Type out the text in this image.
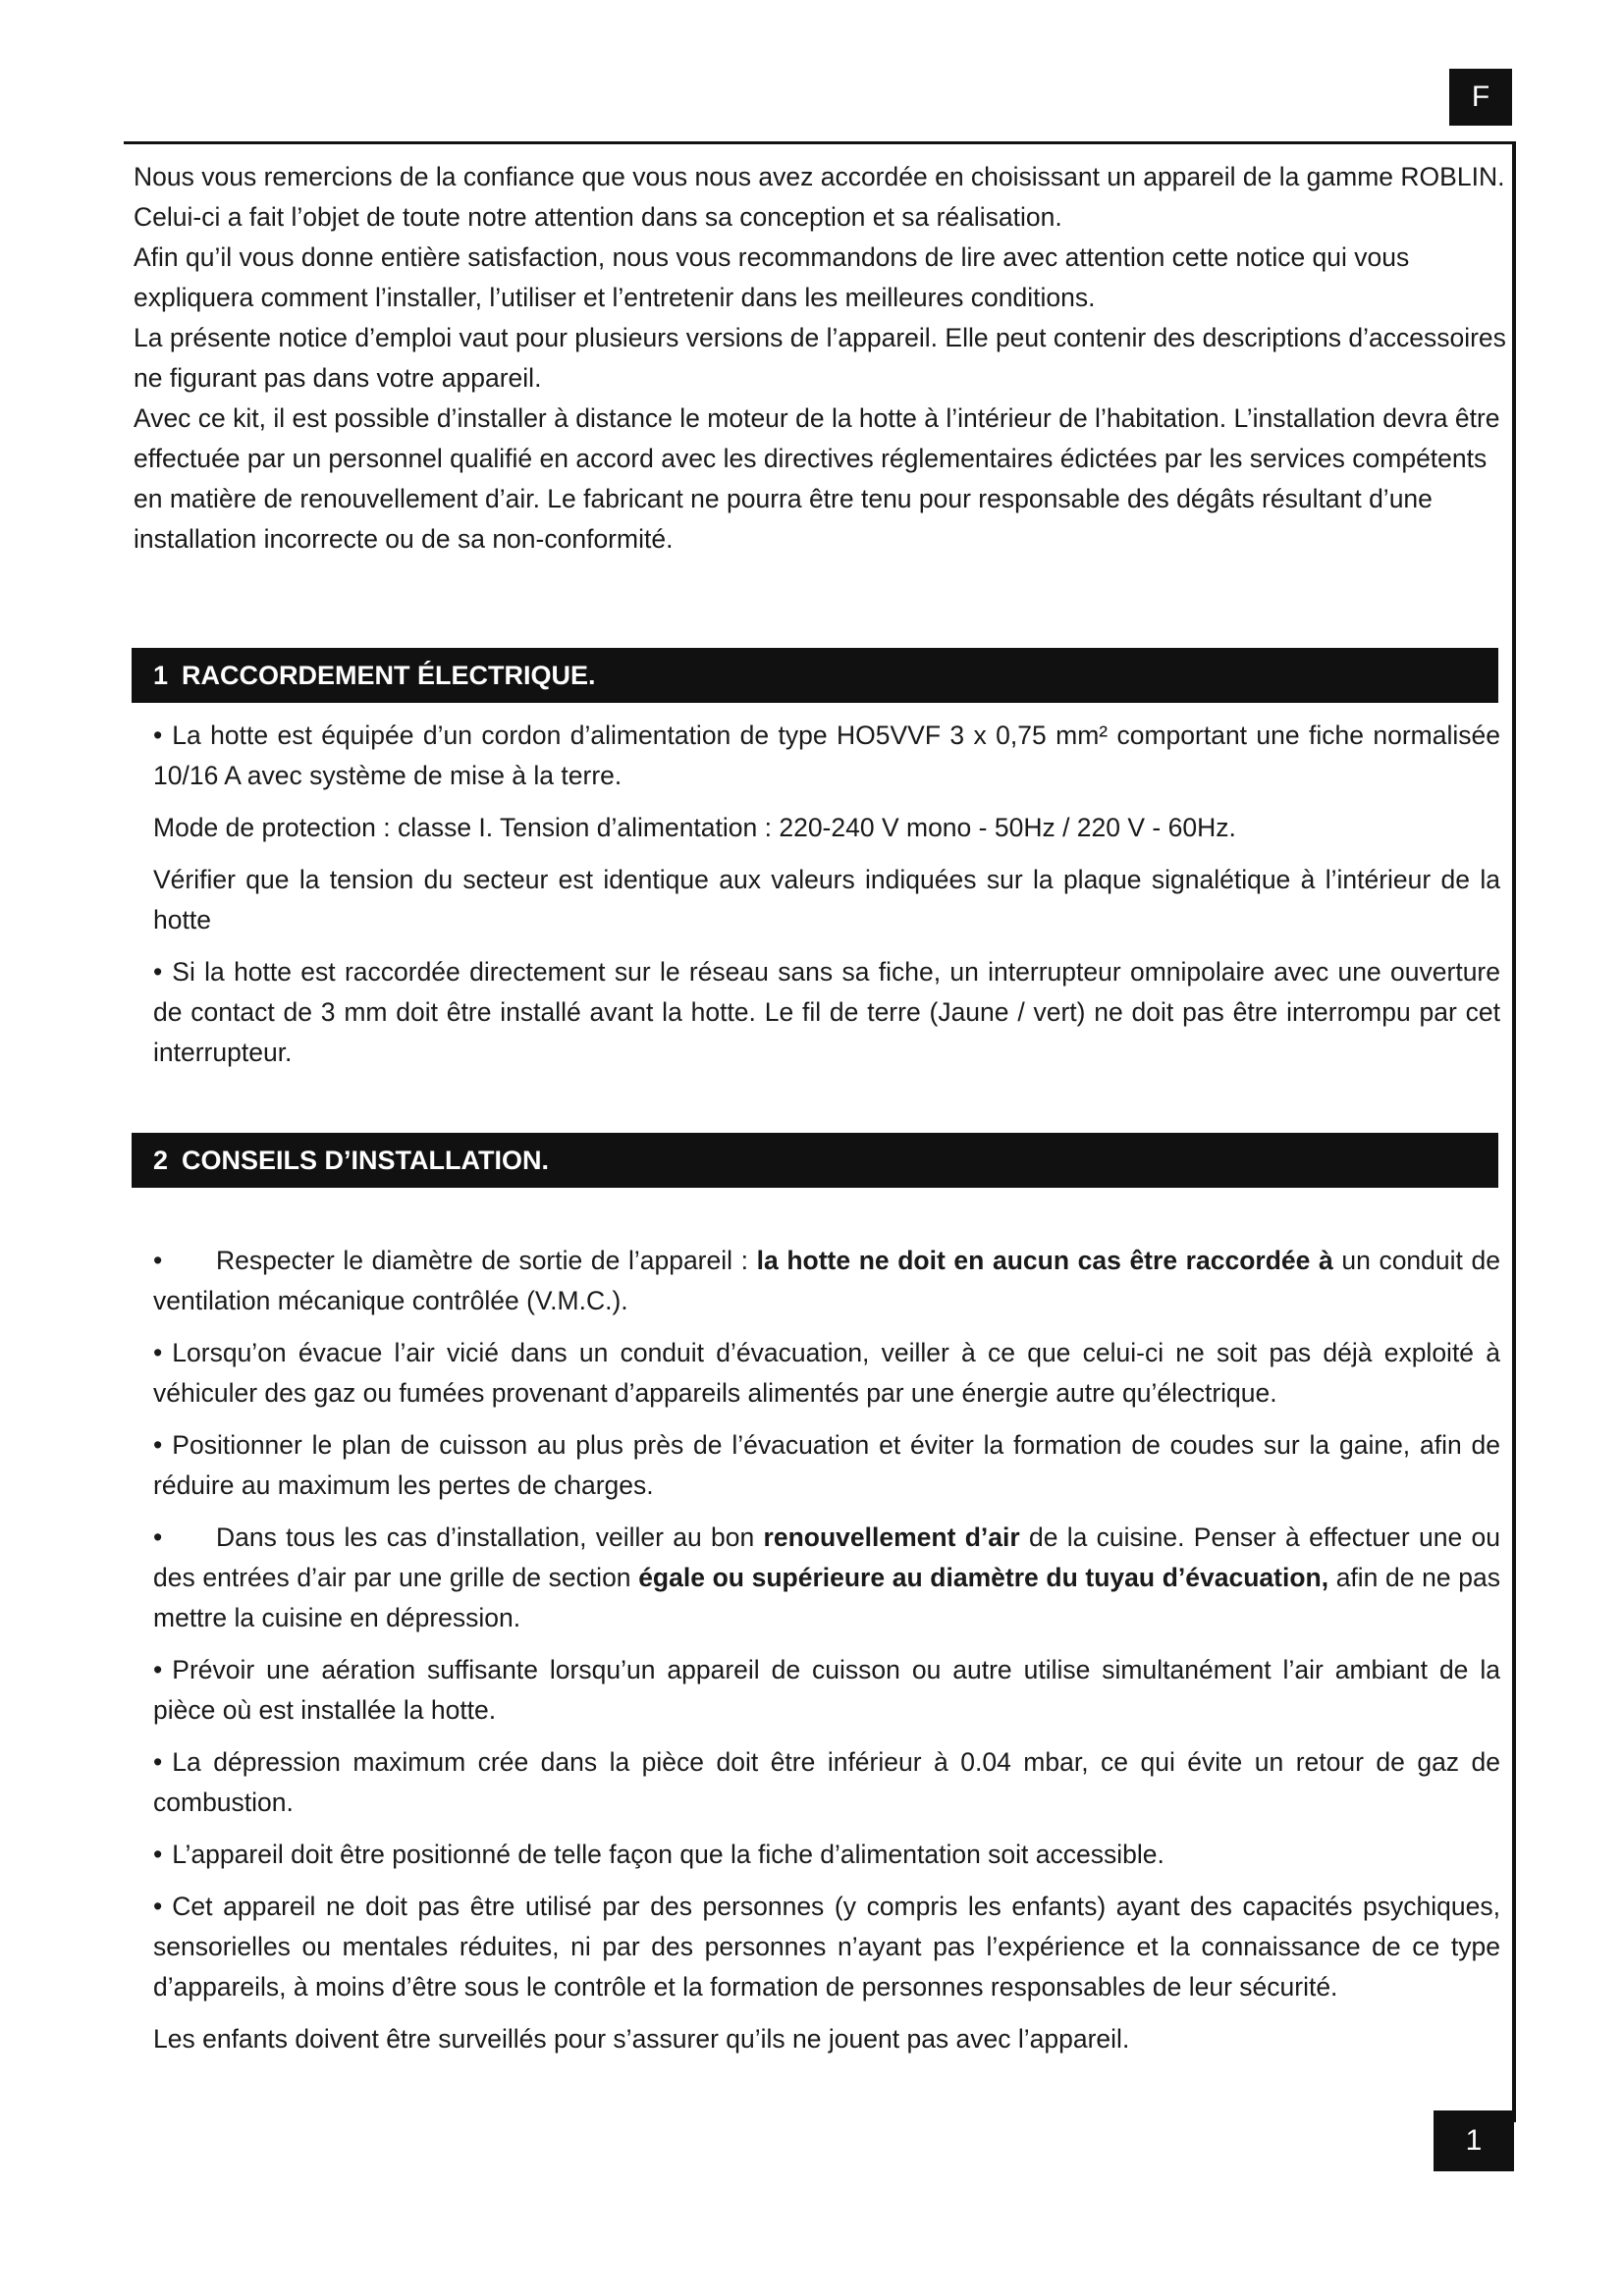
F

Nous vous remercions de la confiance que vous nous avez accordée en choisissant un appareil de la gamme ROBLIN.

Celui-ci a fait l’objet de toute notre attention dans sa conception et sa réalisation.

Afin qu’il vous donne entière satisfaction, nous vous recommandons de lire avec attention cette notice qui vous expliquera comment l’installer, l’utiliser et l’entretenir dans les meilleures conditions.

La présente notice d’emploi vaut pour plusieurs versions de l’appareil. Elle peut contenir des descriptions d’accessoires ne figurant pas dans votre appareil.

Avec ce kit, il est possible d’installer à distance le moteur de la hotte à l’intérieur de l’habitation. L’installation devra être effectuée par un personnel qualifié en accord avec les directives réglementaires édictées par les services compétents en matière de renouvellement d’air. Le fabricant ne pourra être tenu pour responsable des dégâts résultant d’une installation incorrecte ou de sa non-conformité.

1 RACCORDEMENT ÉLECTRIQUE.

• La hotte est équipée d’un cordon d’alimentation de type HO5VVF 3 x 0,75 mm² comportant une fiche normalisée 10/16 A avec système de mise à la terre.

Mode de protection : classe I. Tension d’alimentation : 220-240 V mono - 50Hz / 220 V - 60Hz.

Vérifier que la tension du secteur est identique aux valeurs indiquées sur la plaque signalétique à l’intérieur de la hotte

• Si la hotte est raccordée directement sur le réseau sans sa fiche, un interrupteur omnipolaire avec une ouverture de contact de 3 mm doit être installé avant la hotte. Le fil de terre (Jaune / vert) ne doit pas être interrompu par cet interrupteur.

2 CONSEILS D’INSTALLATION.

• Respecter le diamètre de sortie de l’appareil : la hotte ne doit en aucun cas être raccordée à un conduit de ventilation mécanique contrôlée (V.M.C.).

• Lorsqu’on évacue l’air vicié dans un conduit d’évacuation, veiller à ce que celui-ci ne soit pas déjà exploité à véhiculer des gaz ou fumées provenant d’appareils alimentés par une énergie autre qu’électrique.

• Positionner le plan de cuisson au plus près de l’évacuation et éviter la formation de coudes sur la gaine, afin de réduire au maximum les pertes de charges.

• Dans tous les cas d’installation, veiller au bon renouvellement d’air de la cuisine. Penser à effectuer une ou des entrées d’air par une grille de section égale ou supérieure au diamètre du tuyau d’évacuation, afin de ne pas mettre la cuisine en dépression.

• Prévoir une aération suffisante lorsqu’un appareil de cuisson ou autre utilise simultanément l’air ambiant de la pièce où est installée la hotte.

• La dépression maximum crée dans la pièce doit être inférieur à 0.04 mbar, ce qui évite un retour de gaz de combustion.

• L’appareil doit être positionné de telle façon que la fiche d’alimentation soit accessible.

• Cet appareil ne doit pas être utilisé par des personnes (y compris les enfants) ayant des capacités psychiques, sensorielles ou mentales réduites, ni par des personnes n’ayant pas l’expérience et la connaissance de ce type d’appareils, à moins d’être sous le contrôle et la formation de personnes responsables de leur sécurité.

Les enfants doivent être surveillés pour s’assurer qu’ils ne jouent pas avec l’appareil.

1
